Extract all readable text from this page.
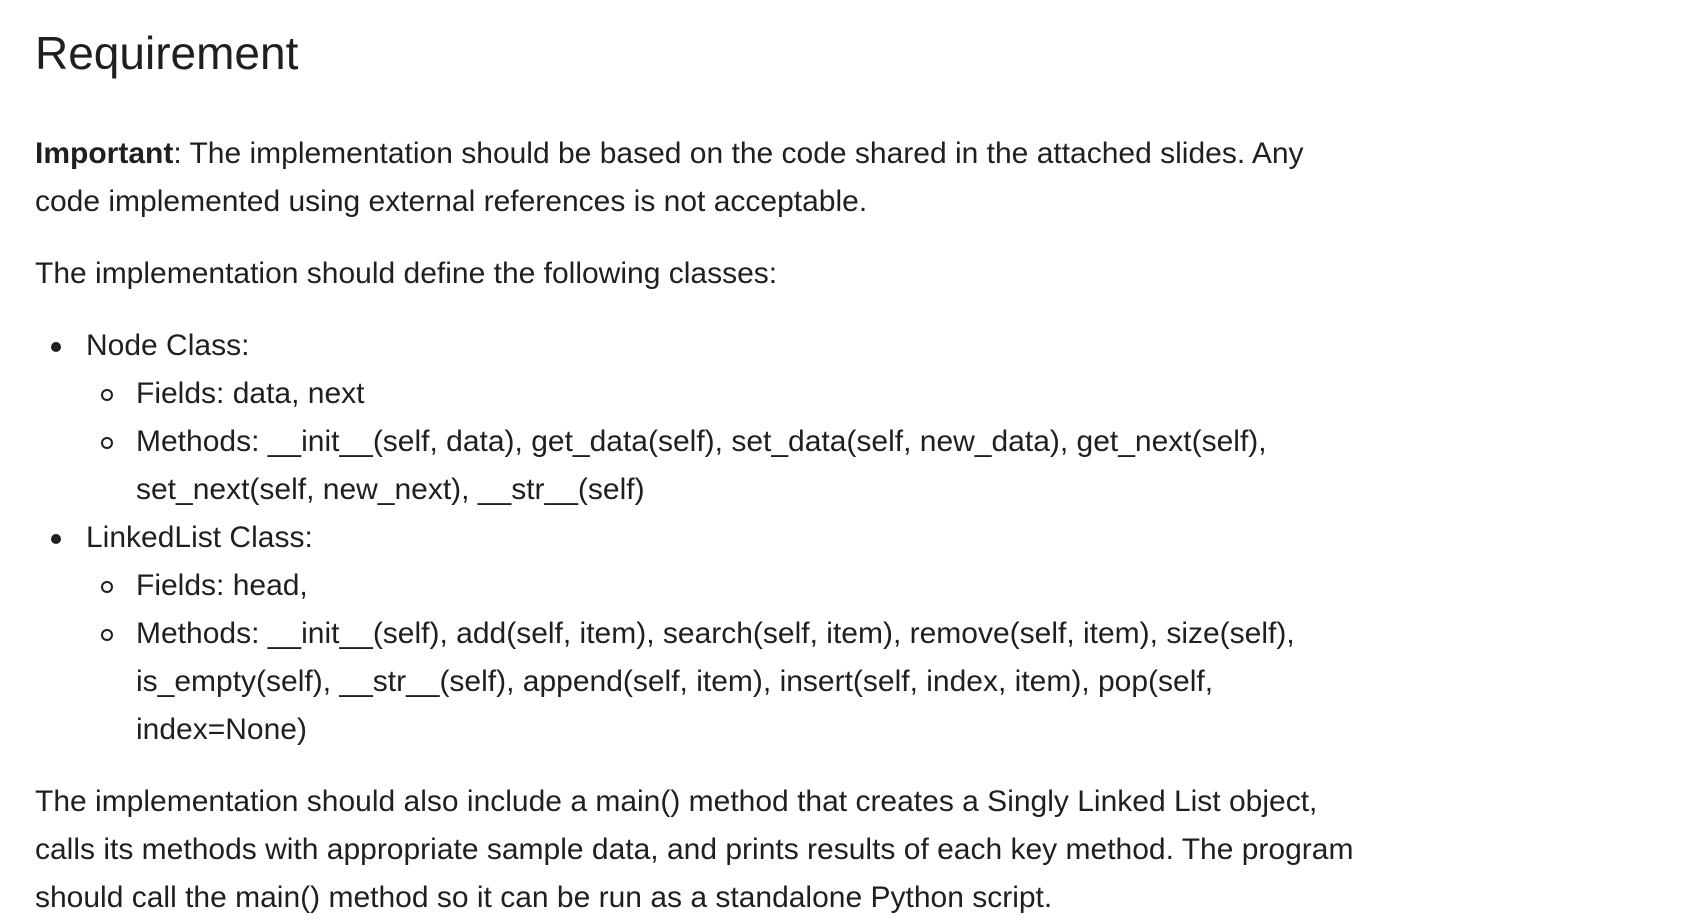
Requirement

Important: The implementation should be based on the code shared in the attached slides. Any code implemented using external references is not acceptable.

The implementation should define the following classes:

Node Class:
Fields: data, next
Methods: __init__(self, data), get_data(self), set_data(self, new_data), get_next(self), set_next(self, new_next), __str__(self)
LinkedList Class:
Fields: head,
Methods: __init__(self), add(self, item), search(self, item), remove(self, item), size(self), is_empty(self), __str__(self), append(self, item), insert(self, index, item), pop(self, index=None)

The implementation should also include a main() method that creates a Singly Linked List object, calls its methods with appropriate sample data, and prints results of each key method. The program should call the main() method so it can be run as a standalone Python script.
